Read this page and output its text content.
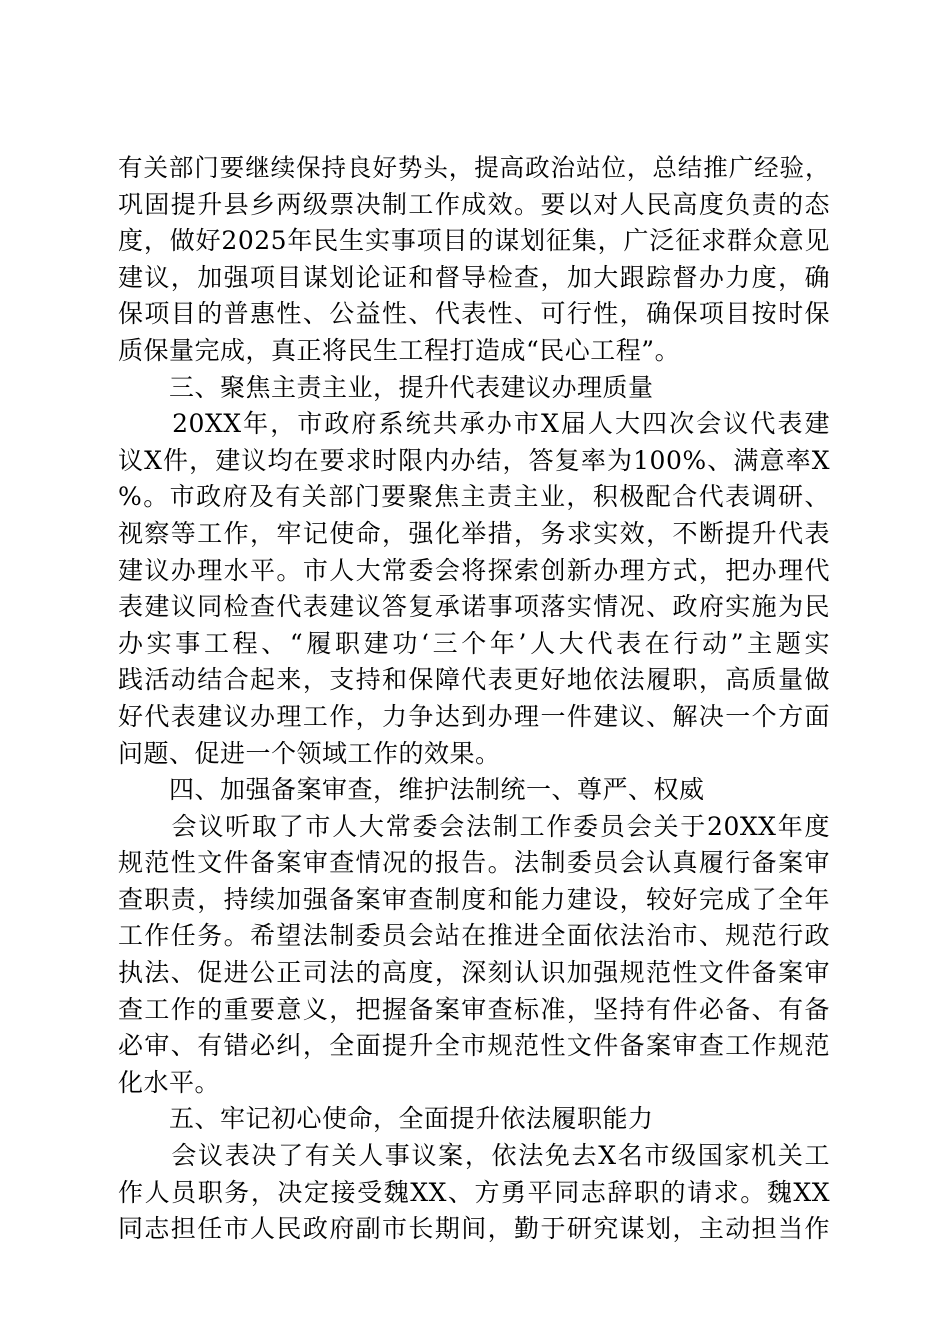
有关部门要继续保持良好势头，提高政治站位，总结推广经验，
巩固提升县乡两级票决制工作成效。要以对人民高度负责的态
度，做好2025年民生实事项目的谋划征集，广泛征求群众意见
建议，加强项目谋划论证和督导检查，加大跟踪督办力度，确
保项目的普惠性、公益性、代表性、可行性，确保项目按时保
质保量完成，真正将民生工程打造成“民心工程”。
　　三、聚焦主责主业，提升代表建议办理质量
　　20XX年，市政府系统共承办市X届人大四次会议代表建
议X件，建议均在要求时限内办结，答复率为100%、满意率X
%。市政府及有关部门要聚焦主责主业，积极配合代表调研、
视察等工作，牢记使命，强化举措，务求实效，不断提升代表
建议办理水平。市人大常委会将探索创新办理方式，把办理代
表建议同检查代表建议答复承诺事项落实情况、政府实施为民
办实事工程、“履职建功‘三个年’人大代表在行动”主题实
践活动结合起来，支持和保障代表更好地依法履职，高质量做
好代表建议办理工作，力争达到办理一件建议、解决一个方面
问题、促进一个领域工作的效果。
　　四、加强备案审查，维护法制统一、尊严、权威
　　会议听取了市人大常委会法制工作委员会关于20XX年度
规范性文件备案审查情况的报告。法制委员会认真履行备案审
查职责，持续加强备案审查制度和能力建设，较好完成了全年
工作任务。希望法制委员会站在推进全面依法治市、规范行政
执法、促进公正司法的高度，深刻认识加强规范性文件备案审
查工作的重要意义，把握备案审查标准，坚持有件必备、有备
必审、有错必纠，全面提升全市规范性文件备案审查工作规范
化水平。
　　五、牢记初心使命，全面提升依法履职能力
　　会议表决了有关人事议案，依法免去X名市级国家机关工
作人员职务，决定接受魏XX、方勇平同志辞职的请求。魏XX
同志担任市人民政府副市长期间，勤于研究谋划，主动担当作
